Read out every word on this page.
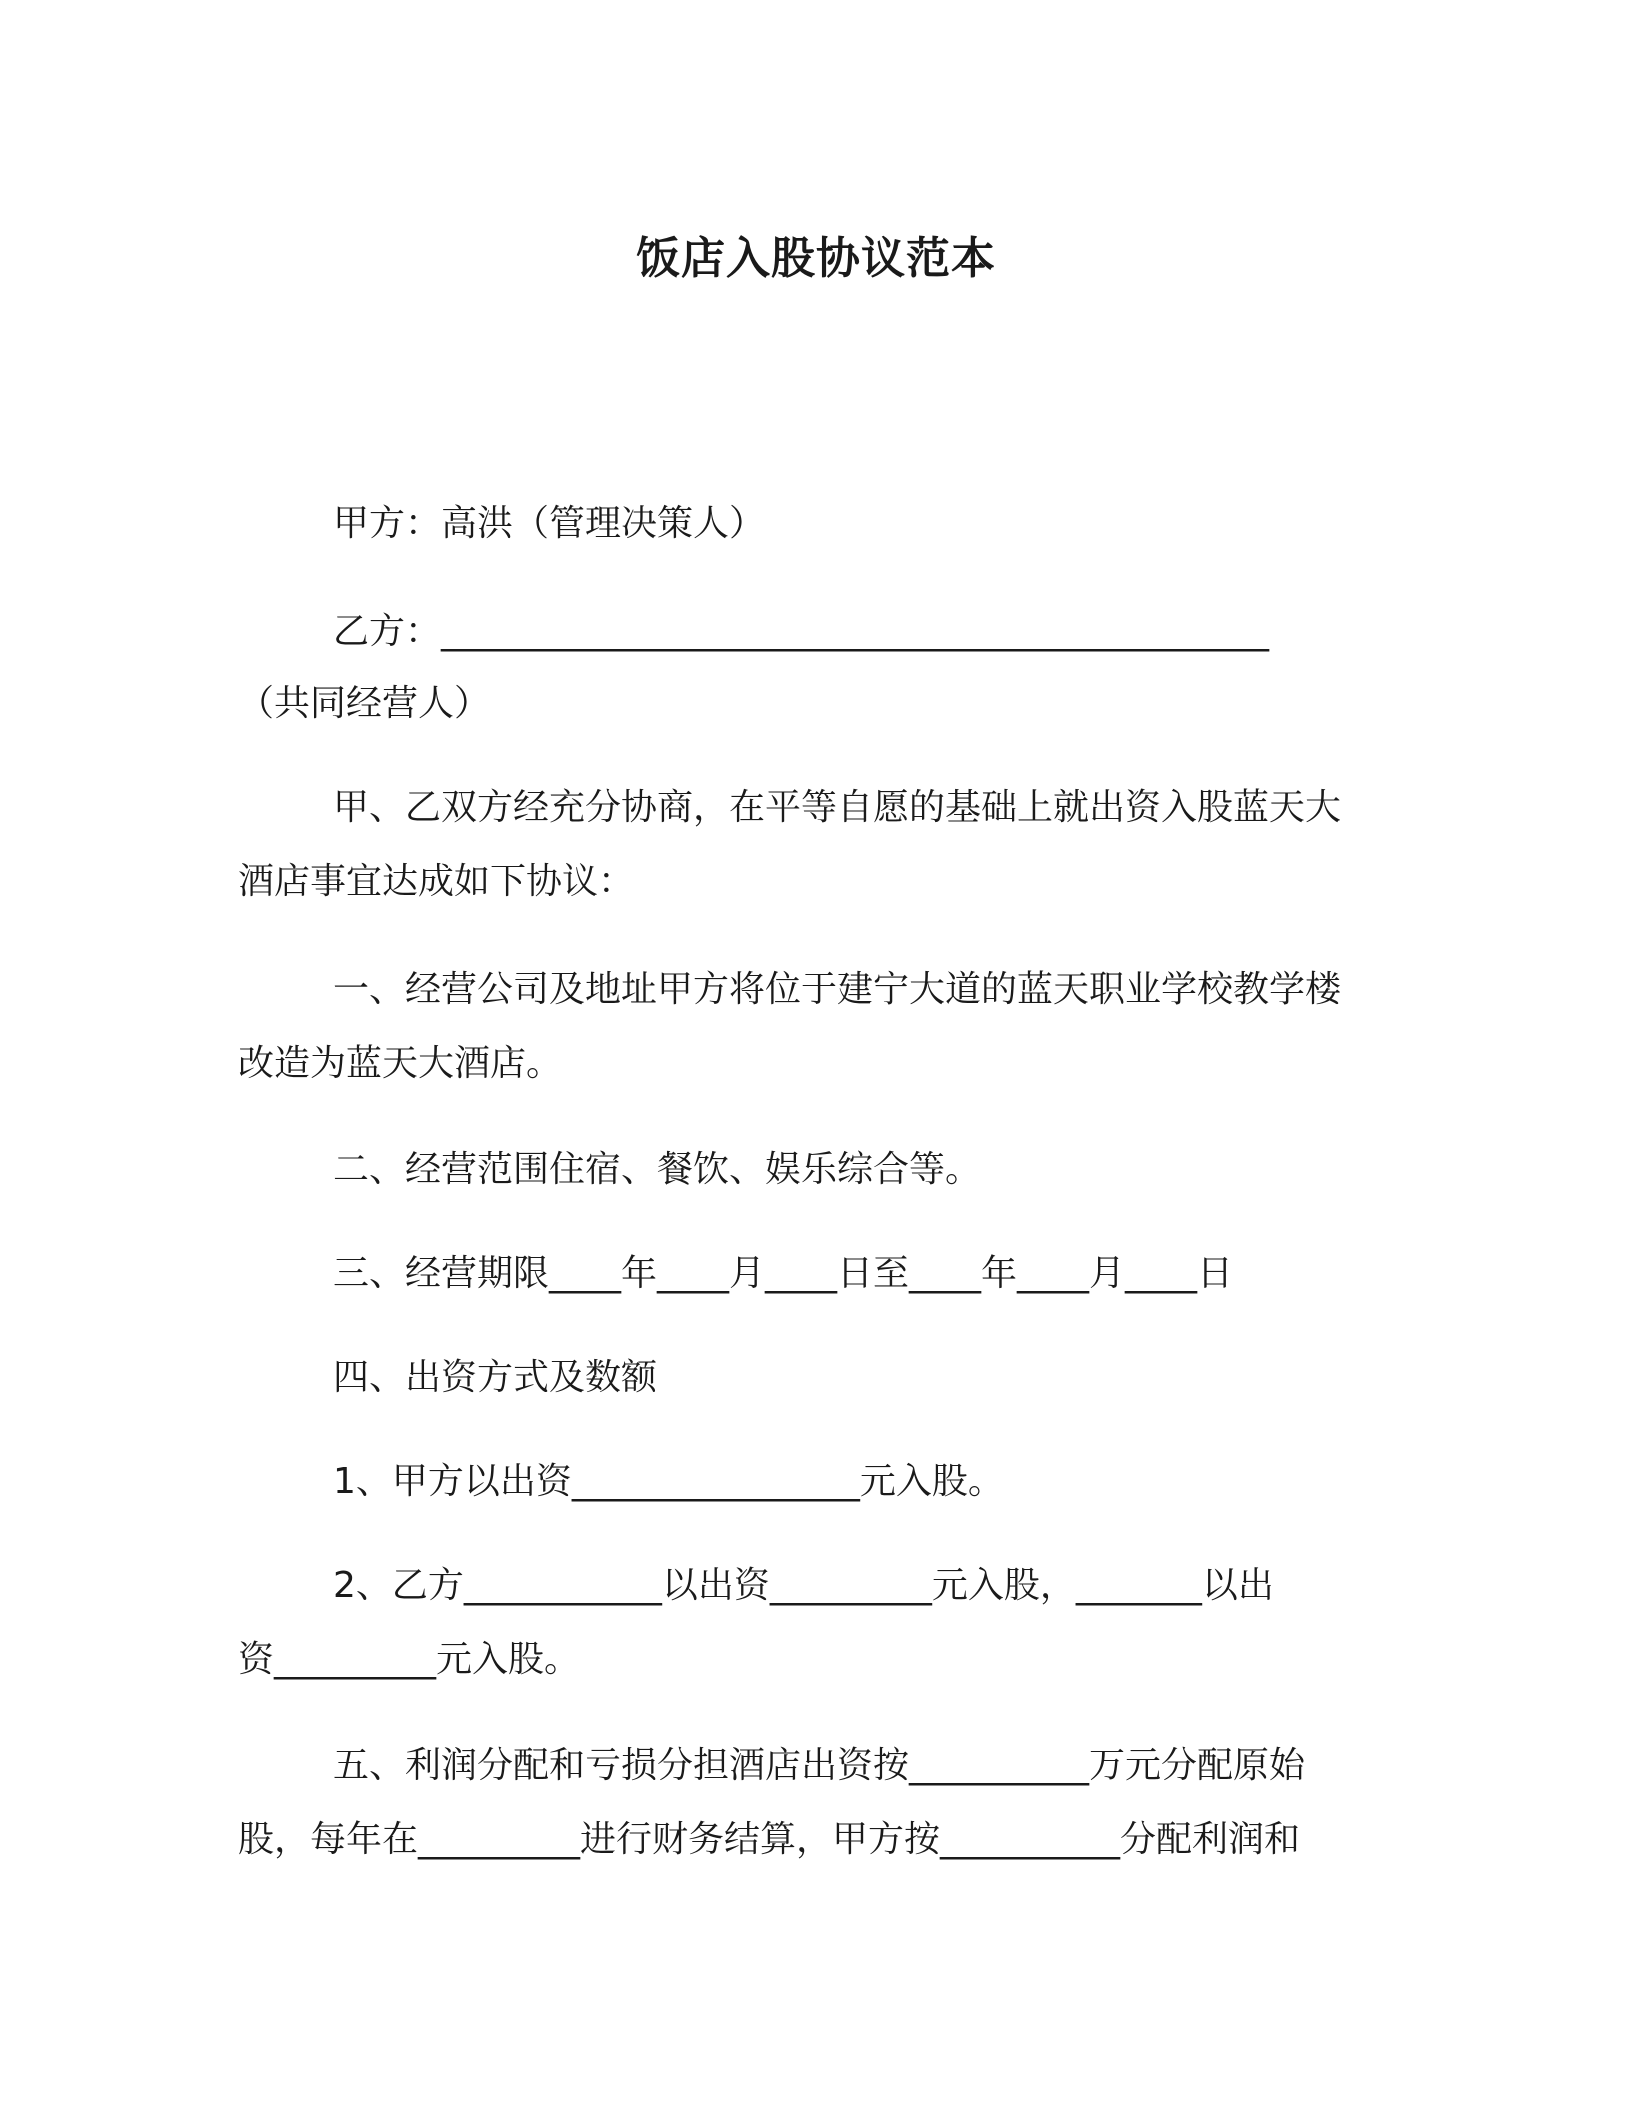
饭店入股协议范本

甲方：高洪（管理决策人）

乙方：______________________________________________

（共同经营人）

甲、乙双方经充分协商，在平等自愿的基础上就出资入股蓝天大

酒店事宜达成如下协议：

一、经营公司及地址甲方将位于建宁大道的蓝天职业学校教学楼

改造为蓝天大酒店。

二、经营范围住宿、餐饮、娱乐综合等。

三、经营期限____年____月____日至____年____月____日

四、出资方式及数额

1、甲方以出资________________元入股。

2、乙方___________以出资_________元入股，_______以出

资_________元入股。

五、利润分配和亏损分担酒店出资按__________万元分配原始

股，每年在_________进行财务结算，甲方按__________分配利润和
